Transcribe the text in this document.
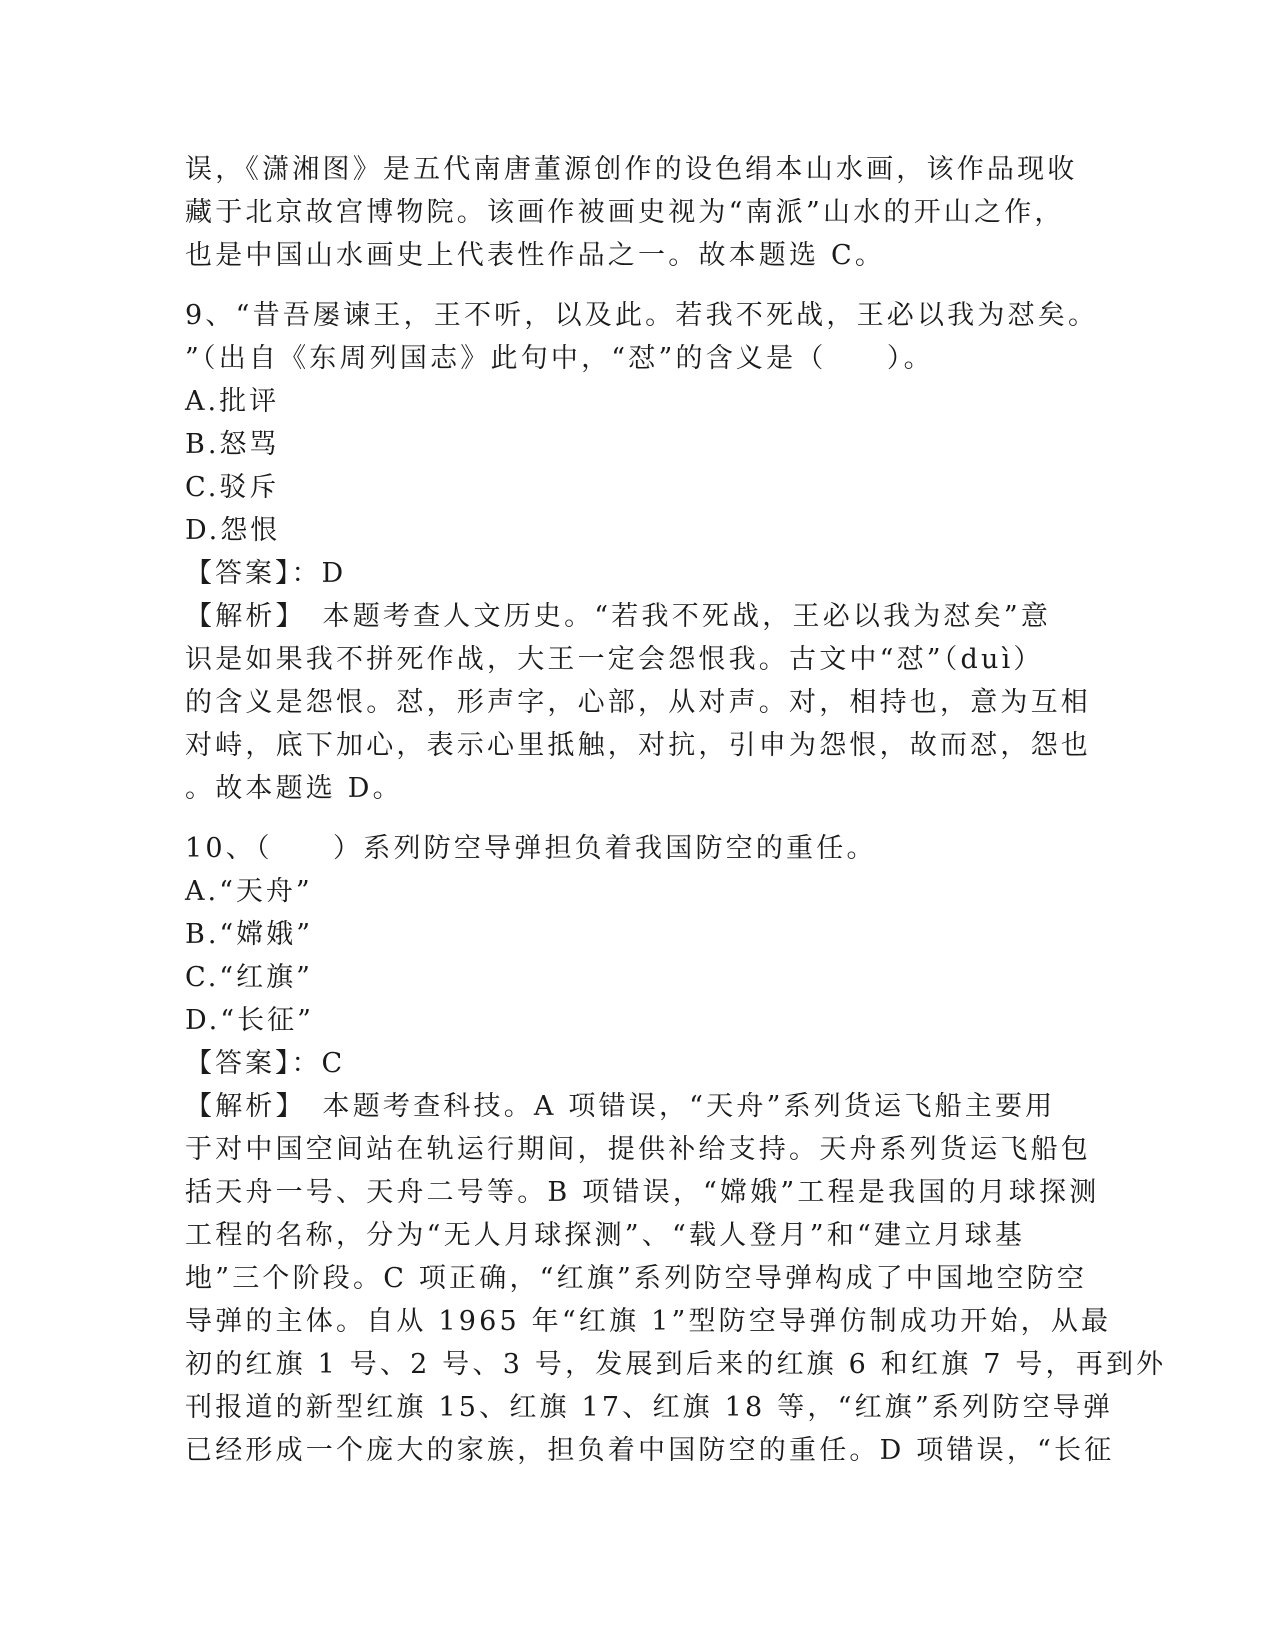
误，《潇湘图》是五代南唐董源创作的设色绢本山水画，该作品现收
藏于北京故宫博物院。该画作被画史视为“南派”山水的开山之作，
也是中国山水画史上代表性作品之一。故本题选 C。
9、“昔吾屡谏王，王不听，以及此。若我不死战，王必以我为怼矣。
”（出自《东周列国志》此句中，“怼”的含义是（　　）。
A.批评
B.怒骂
C.驳斥
D.怨恨
【答案】：D
【解析】　本题考查人文历史。“若我不死战，王必以我为怼矣”意
识是如果我不拼死作战，大王一定会怨恨我。古文中“怼”（duì）
的含义是怨恨。怼，形声字，心部，从对声。对，相持也，意为互相
对峙，底下加心，表示心里抵触，对抗，引申为怨恨，故而怼，怨也
。故本题选 D。
10、（　　）系列防空导弹担负着我国防空的重任。
A.“天舟”
B.“嫦娥”
C.“红旗”
D.“长征”
【答案】：C
【解析】　本题考查科技。A 项错误，“天舟”系列货运飞船主要用
于对中国空间站在轨运行期间，提供补给支持。天舟系列货运飞船包
括天舟一号、天舟二号等。B 项错误，“嫦娥”工程是我国的月球探测
工程的名称，分为“无人月球探测”、“载人登月”和“建立月球基
地”三个阶段。C 项正确，“红旗”系列防空导弹构成了中国地空防空
导弹的主体。自从 1965 年“红旗 1”型防空导弹仿制成功开始，从最
初的红旗 1 号、2 号、3 号，发展到后来的红旗 6 和红旗 7 号，再到外
刊报道的新型红旗 15、红旗 17、红旗 18 等，“红旗”系列防空导弹
已经形成一个庞大的家族，担负着中国防空的重任。D 项错误，“长征
